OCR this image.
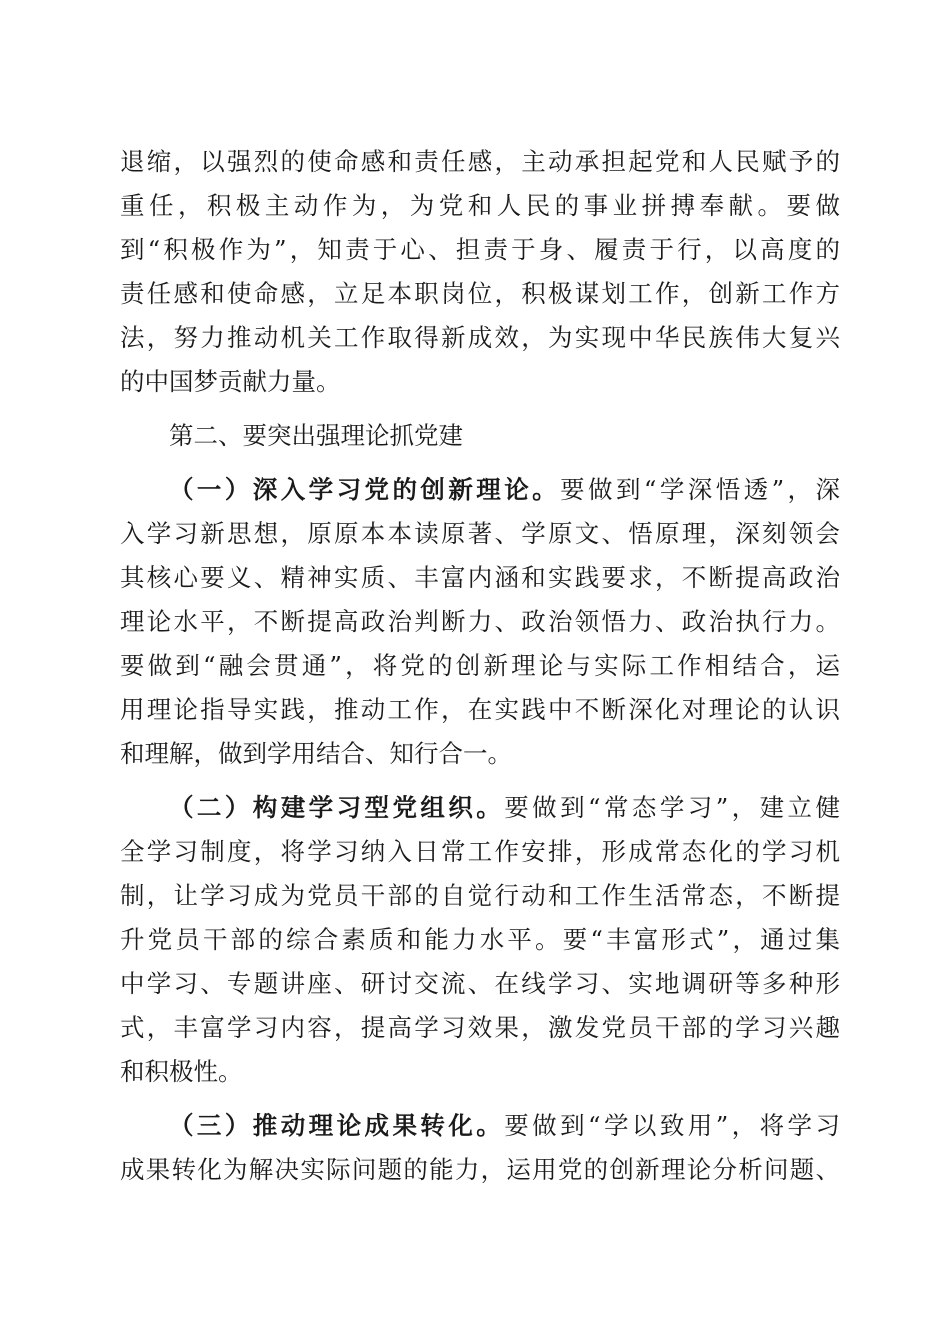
退缩，以强烈的使命感和责任感，主动承担起党和人民赋予的
重任，积极主动作为，为党和人民的事业拼搏奉献。要做
到“积极作为”，知责于心、担责于身、履责于行，以高度的
责任感和使命感，立足本职岗位，积极谋划工作，创新工作方
法，努力推动机关工作取得新成效，为实现中华民族伟大复兴
的中国梦贡献力量。
第二、要突出强理论抓党建
（一）深入学习党的创新理论。要做到“学深悟透”，深
入学习新思想，原原本本读原著、学原文、悟原理，深刻领会
其核心要义、精神实质、丰富内涵和实践要求，不断提高政治
理论水平，不断提高政治判断力、政治领悟力、政治执行力。
要做到“融会贯通”，将党的创新理论与实际工作相结合，运
用理论指导实践，推动工作，在实践中不断深化对理论的认识
和理解，做到学用结合、知行合一。
（二）构建学习型党组织。要做到“常态学习”，建立健
全学习制度，将学习纳入日常工作安排，形成常态化的学习机
制，让学习成为党员干部的自觉行动和工作生活常态，不断提
升党员干部的综合素质和能力水平。要“丰富形式”，通过集
中学习、专题讲座、研讨交流、在线学习、实地调研等多种形
式，丰富学习内容，提高学习效果，激发党员干部的学习兴趣
和积极性。
（三）推动理论成果转化。要做到“学以致用”，将学习
成果转化为解决实际问题的能力，运用党的创新理论分析问题、
